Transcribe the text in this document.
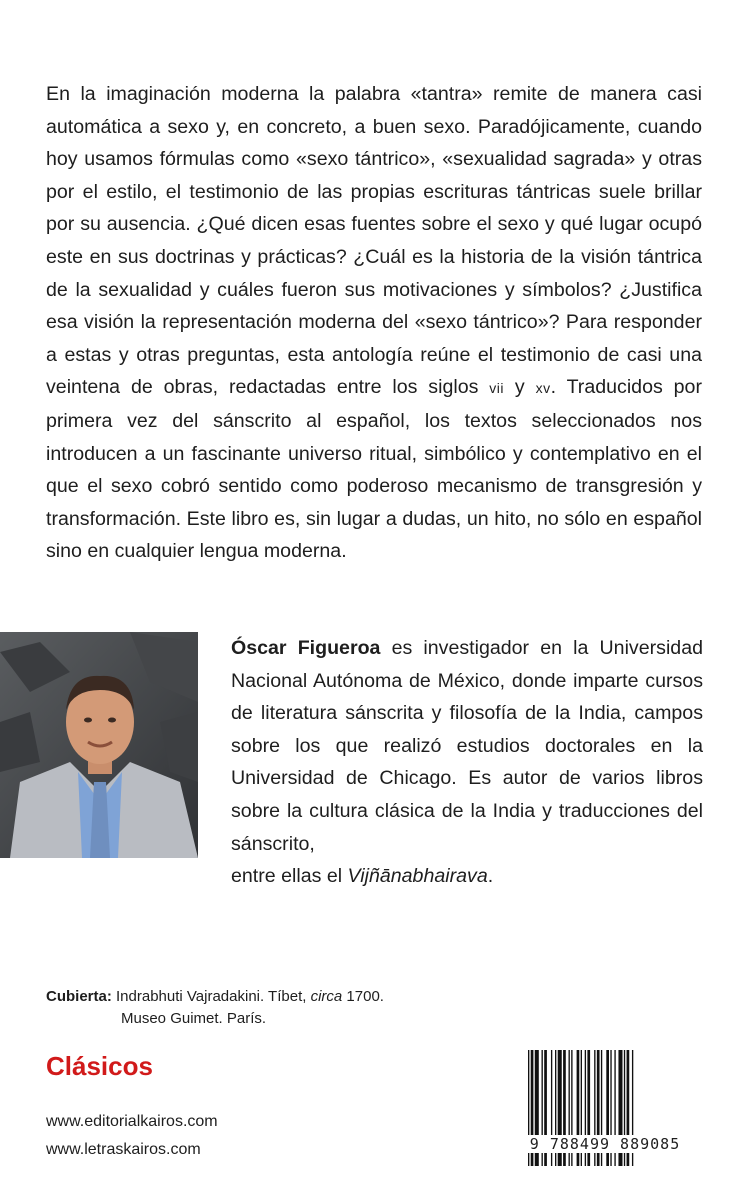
En la imaginación moderna la palabra «tantra» remite de manera casi automática a sexo y, en concreto, a buen sexo. Paradójicamente, cuando hoy usamos fórmulas como «sexo tántrico», «sexualidad sagrada» y otras por el estilo, el testimonio de las propias escrituras tántricas suele brillar por su ausencia. ¿Qué dicen esas fuentes sobre el sexo y qué lugar ocupó este en sus doctrinas y prácticas? ¿Cuál es la historia de la visión tántrica de la sexualidad y cuáles fueron sus motivaciones y símbolos? ¿Justifica esa visión la representación moderna del «sexo tántrico»? Para responder a estas y otras preguntas, esta antología reúne el testimonio de casi una veintena de obras, redactadas entre los siglos vii y xv. Traducidos por primera vez del sánscrito al español, los textos seleccionados nos introducen a un fascinante universo ritual, simbólico y contemplativo en el que el sexo cobró sentido como poderoso mecanismo de transgresión y transformación. Este libro es, sin lugar a dudas, un hito, no sólo en español sino en cualquier lengua moderna.

Óscar Figueroa es investigador en la Universidad Nacional Autónoma de México, donde imparte cursos de literatura sánscrita y filosofía de la India, campos sobre los que realizó estudios doctorales en la Universidad de Chicago. Es autor de varios libros sobre la cultura clásica de la India y traducciones del sánscrito,
entre ellas el Vijñānabhairava.

Cubierta: Indrabhuti Vajradakini. Tíbet, circa 1700.
Museo Guimet. París.
Clásicos
www.editorialkairos.com
www.letraskairos.com	9 788499 889085
